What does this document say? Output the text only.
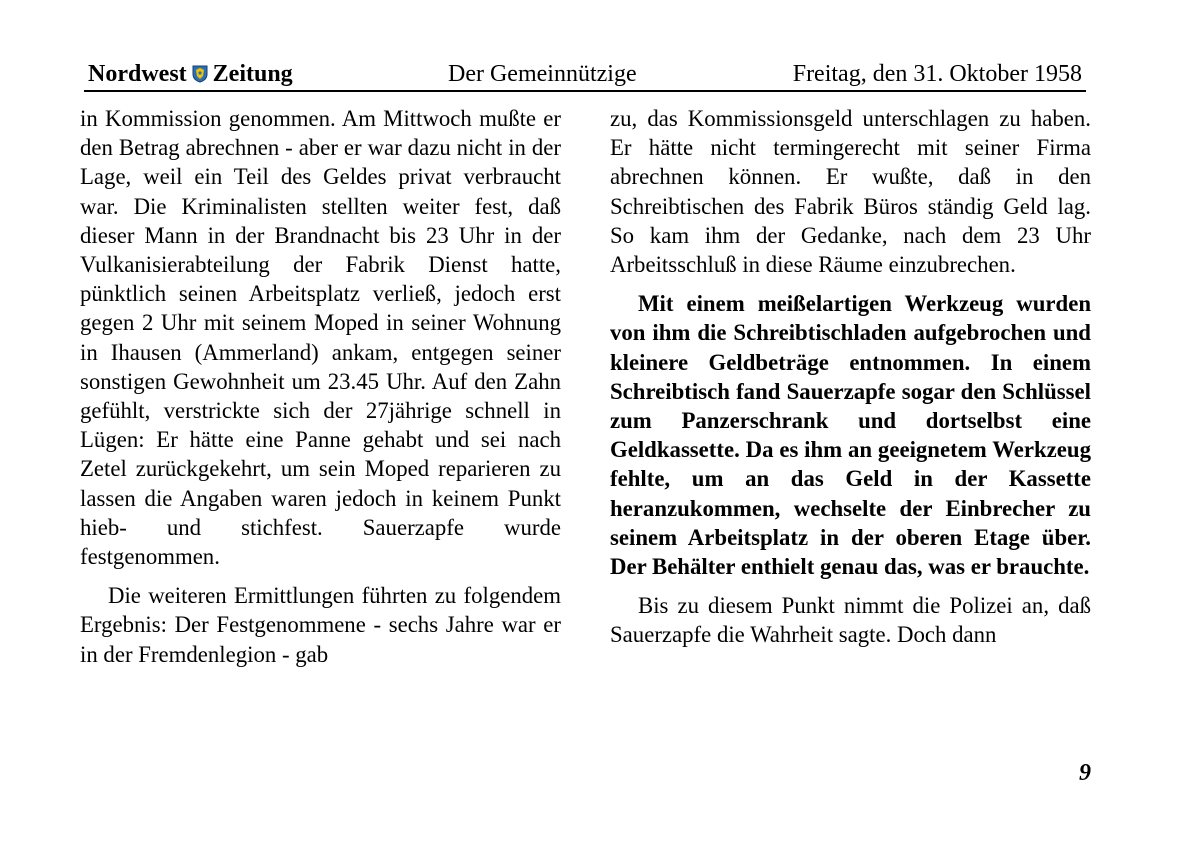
Nordwest Zeitung	Der Gemeinnützige	Freitag, den 31. Oktober 1958

in Kommission genommen. Am Mittwoch mußte er den Betrag abrechnen - aber er war dazu nicht in der Lage, weil ein Teil des Geldes privat verbraucht war. Die Kriminalisten stellten weiter fest, daß dieser Mann in der Brandnacht bis 23 Uhr in der Vulkanisierabteilung der Fabrik Dienst hatte, pünktlich seinen Arbeitsplatz verließ, jedoch erst gegen 2 Uhr mit seinem Moped in seiner Wohnung in Ihausen (Ammerland) ankam, entgegen seiner sonstigen Gewohnheit um 23.45 Uhr. Auf den Zahn gefühlt, verstrickte sich der 27jährige schnell in Lügen: Er hätte eine Panne gehabt und sei nach Zetel zurückgekehrt, um sein Moped reparieren zu lassen die Angaben waren jedoch in keinem Punkt hieb- und stichfest. Sauerzapfe wurde festgenommen.

Die weiteren Ermittlungen führten zu folgendem Ergebnis: Der Festgenommene - sechs Jahre war er in der Fremdenlegion - gab

zu, das Kommissionsgeld unterschlagen zu haben. Er hätte nicht termingerecht mit seiner Firma abrechnen können. Er wußte, daß in den Schreibtischen des Fabrik Büros ständig Geld lag. So kam ihm der Gedanke, nach dem 23 Uhr Arbeitsschluß in diese Räume einzubrechen.

Mit einem meißelartigen Werkzeug wurden von ihm die Schreibtischladen aufgebrochen und kleinere Geldbeträge entnommen. In einem Schreibtisch fand Sauerzapfe sogar den Schlüssel zum Panzerschrank und dortselbst eine Geldkassette. Da es ihm an geeignetem Werkzeug fehlte, um an das Geld in der Kassette heranzukommen, wechselte der Einbrecher zu seinem Arbeitsplatz in der oberen Etage über. Der Behälter enthielt genau das, was er brauchte.

Bis zu diesem Punkt nimmt die Polizei an, daß Sauerzapfe die Wahrheit sagte. Doch dann

9
